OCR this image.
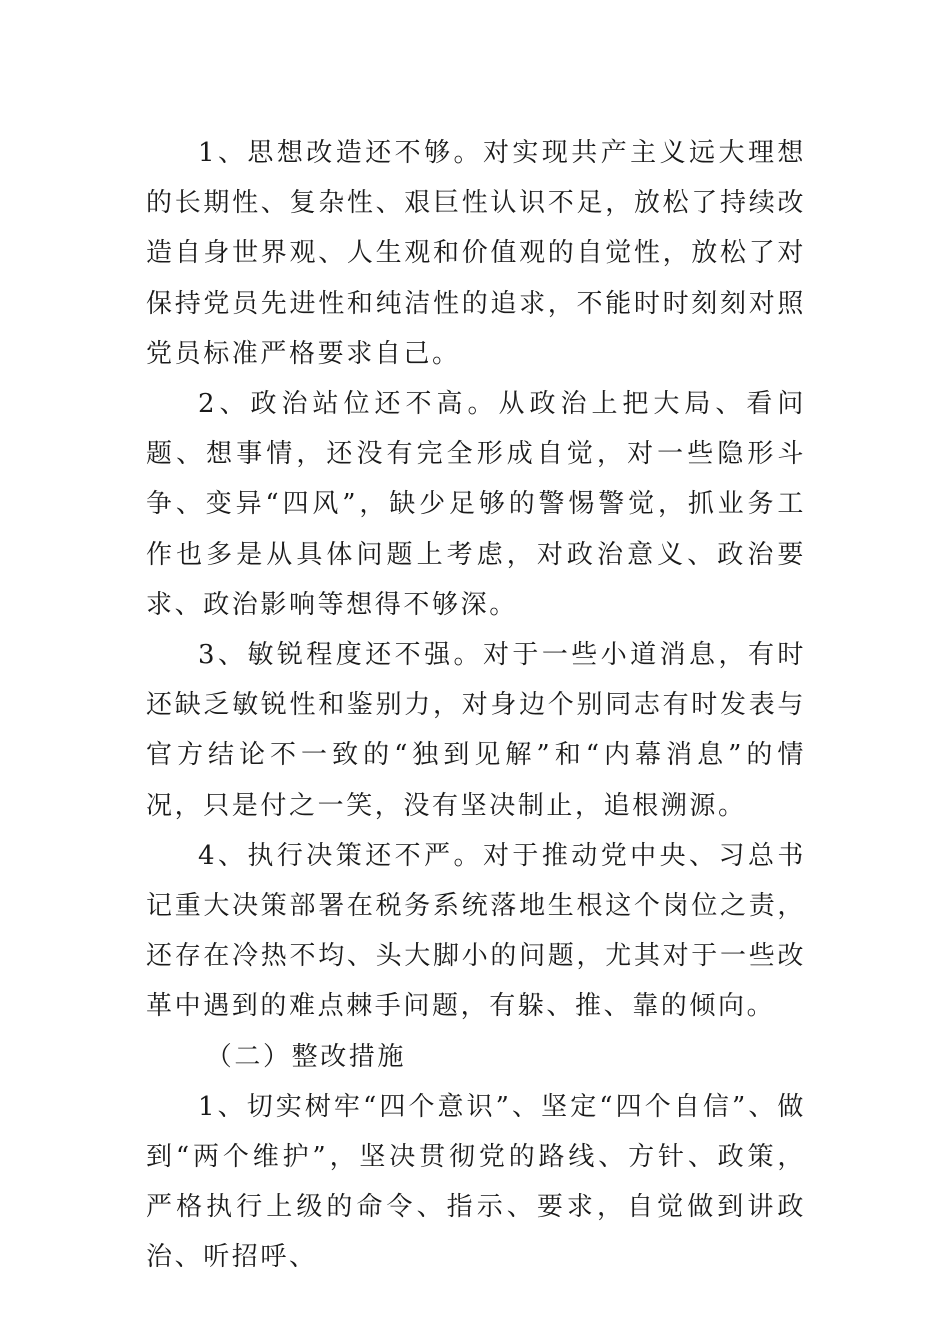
1、思想改造还不够。对实现共产主义远大理想的长期性、复杂性、艰巨性认识不足，放松了持续改造自身世界观、人生观和价值观的自觉性，放松了对保持党员先进性和纯洁性的追求，不能时时刻刻对照党员标准严格要求自己。

2、政治站位还不高。从政治上把大局、看问题、想事情，还没有完全形成自觉，对一些隐形斗争、变异“四风”，缺少足够的警惕警觉，抓业务工作也多是从具体问题上考虑，对政治意义、政治要求、政治影响等想得不够深。

3、敏锐程度还不强。对于一些小道消息，有时还缺乏敏锐性和鉴别力，对身边个别同志有时发表与官方结论不一致的“独到见解”和“内幕消息”的情况，只是付之一笑，没有坚决制止，追根溯源。

4、执行决策还不严。对于推动党中央、习总书记重大决策部署在税务系统落地生根这个岗位之责，还存在冷热不均、头大脚小的问题，尤其对于一些改革中遇到的难点棘手问题，有躲、推、靠的倾向。

（二）整改措施

1、切实树牢“四个意识”、坚定“四个自信”、做到“两个维护”，坚决贯彻党的路线、方针、政策，严格执行上级的命令、指示、要求，自觉做到讲政治、听招呼、
